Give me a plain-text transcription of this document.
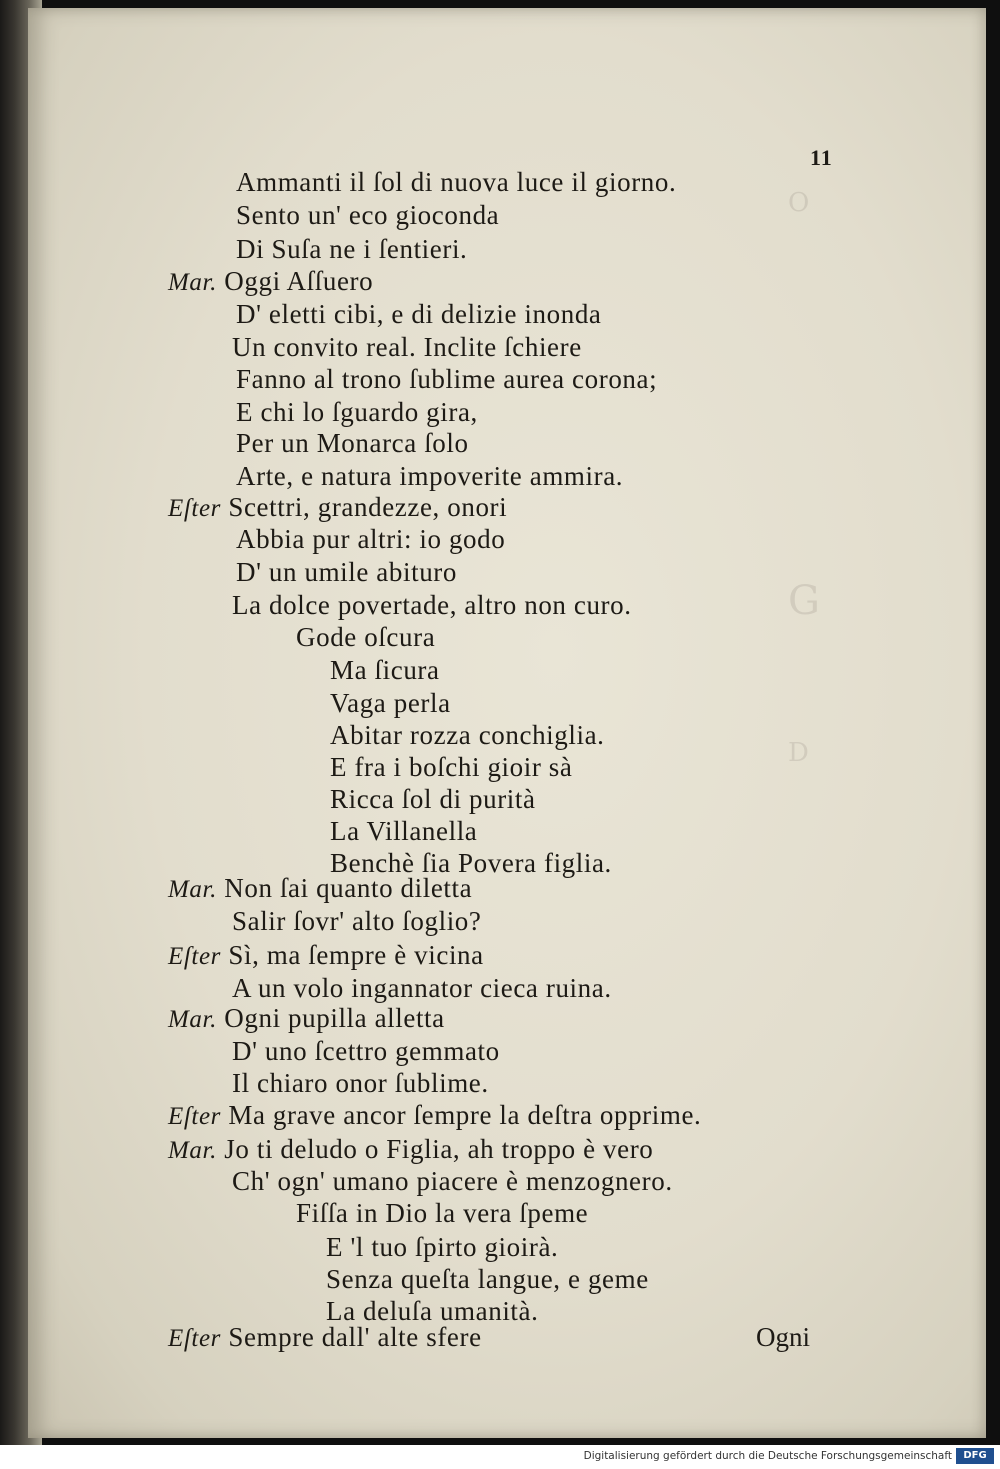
O
G
D
11
Ammanti il ſol di nuova luce il giorno.
Sento un' eco gioconda
Di Suſa ne i ſentieri.
Mar. Oggi Aſſuero
D' eletti cibi, e di delizie inonda
Un convito real. Inclite ſchiere
Fanno al trono ſublime aurea corona;
E chi lo ſguardo gira,
Per un Monarca ſolo
Arte, e natura impoverite ammira.
Eſter Scettri, grandezze, onori
Abbia pur altri: io godo
D' un umile abituro
La dolce povertade, altro non curo.
Gode oſcura
Ma ſicura
Vaga perla
Abitar rozza conchiglia.
E fra i boſchi gioir sà
Ricca ſol di purità
La Villanella
Benchè ſia Povera figlia.
Mar. Non ſai quanto diletta
Salir ſovr' alto ſoglio?
Eſter Sì, ma ſempre è vicina
A un volo ingannator cieca ruina.
Mar. Ogni pupilla alletta
D' uno ſcettro gemmato
Il chiaro onor ſublime.
Eſter Ma grave ancor ſempre la deſtra opprime.
Mar. Jo ti deludo o Figlia, ah troppo è vero
Ch' ogn' umano piacere è menzognero.
Fiſſa in Dio la vera ſpeme
E 'l tuo ſpirto gioirà.
Senza queſta langue, e geme
La deluſa umanità.
Eſter Sempre dall' alte sfere	Ogni
Digitalisierung gefördert durch die Deutsche Forschungsgemeinschaft	DFG
